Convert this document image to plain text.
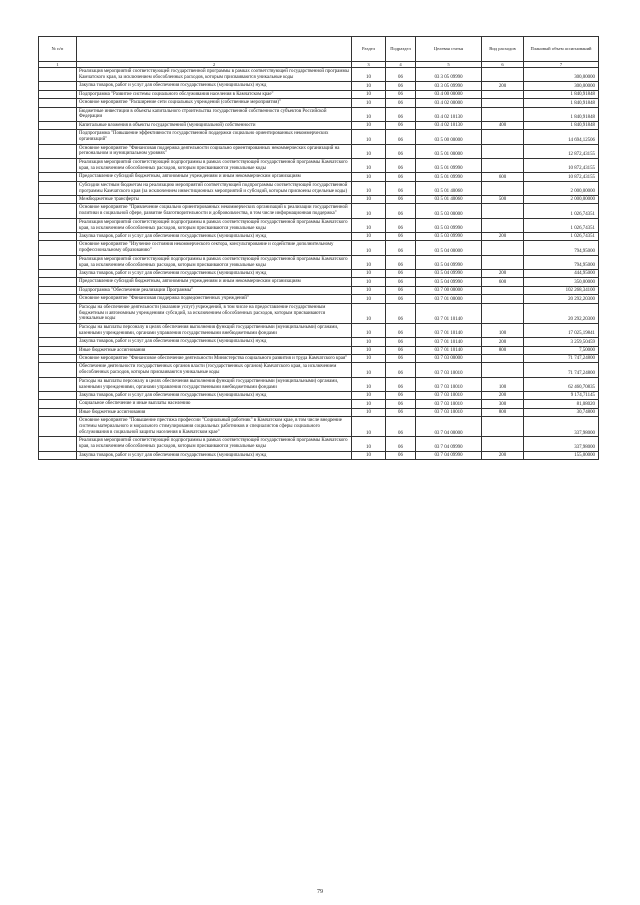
№ п/п		Раздел	Подраздел	Целевая статья	Вид расходов	Плановый объем ассигнований
1	2	3	4	5	6	7
	Реализация мероприятий соответствующей государственной программы в рамках соответствующей государственной программы Камчатского края, за исключением обособленных расходов, которым присваиваются уникальные коды	10	06	03 3 05 09990		300,00000
	Закупка товаров, работ и услуг для обеспечения государственных (муниципальных) нужд	10	06	03 3 05 09990	200	300,00000
	Подпрограмма "Развитие системы социального обслуживания населения в Камчатском крае"	10	06	03 4 00 00000		1 840,91848
	Основное мероприятие "Расширение сети социальных учреждений (собственные мероприятия)"	10	06	03 4 02 00000		1 840,91848
	Бюджетные инвестиции в объекты капитального строительства государственной собственности субъектов Российской Федерации	10	06	03 4 02 10130		1 840,91848
	Капитальные вложения в объекты государственной (муниципальной) собственности	10	06	03 4 02 10130	400	1 840,91848
	Подпрограмма "Повышение эффективности государственной поддержки социально ориентированных некоммерческих организаций"	10	06	03 5 00 00000		14 694,12506
	Основное мероприятие "Финансовая поддержка деятельности социально ориентированных некоммерческих организаций на региональном и муниципальном уровнях"	10	06	03 5 01 00000		12 872,43155
	Реализация мероприятий соответствующей подпрограммы в рамках соответствующей государственной программы Камчатского края, за исключением обособленных расходов, которым присваиваются уникальные коды	10	06	03 5 01 09990		10 872,43155
	Предоставление субсидий бюджетным, автономным учреждениям и иным некоммерческим организациям	10	06	03 5 01 09990	600	10 872,43155
	Субсидии местным бюджетам на реализацию мероприятий соответствующей подпрограммы соответствующей государственной программы Камчатского края (за исключением инвестиционных мероприятий и субсидий, которым присвоены отдельные коды)	10	06	03 5 01 40060		2 000,00000
	Межбюджетные трансферты	10	06	03 5 01 40060	500	2 000,00000
	Основное мероприятие "Привлечение социально ориентированных некоммерческих организаций к реализации государственной политики в социальной сфере, развитие благотворительности и добровольчества, в том числе информационная поддержка"	10	06	03 5 03 00000		1 026,74351
	Реализация мероприятий соответствующей подпрограммы в рамках соответствующей государственной программы Камчатского края, за исключением обособленных расходов, которым присваиваются уникальные коды	10	06	03 5 03 09990		1 026,74351
	Закупка товаров, работ и услуг для обеспечения государственных (муниципальных) нужд	10	06	03 5 03 09990	200	1 026,74351
	Основное мероприятие "Изучение состояния некоммерческого сектора, консультирование и содействие дополнительному профессиональному образованию"	10	06	03 5 04 00000		794,95000
	Реализация мероприятий соответствующей подпрограммы в рамках соответствующей государственной программы Камчатского края, за исключением обособленных расходов, которым присваиваются уникальные коды	10	06	03 5 04 09990		794,95000
	Закупка товаров, работ и услуг для обеспечения государственных (муниципальных) нужд	10	06	03 5 04 09990	200	444,95000
	Предоставление субсидий бюджетным, автономным учреждениям и иным некоммерческим организациям	10	06	03 5 04 09990	600	350,00000
	Подпрограмма "Обеспечение реализации Программы"	10	06	03 7 00 00000		102 268,34100
	Основное мероприятие "Финансовая поддержка подведомственных учреждений"	10	06	03 7 01 00000		20 292,20300
	Расходы на обеспечение деятельности (оказание услуг) учреждений, в том числе на предоставление государственным бюджетным и автономным учреждениям субсидий, за исключением обособленных расходов, которым присваиваются уникальные коды	10	06	03 7 01 10140		20 292,20300
	Расходы на выплаты персоналу в целях обеспечения выполнения функций государственными (муниципальными) органами, казенными учреждениями, органами управления государственными внебюджетными фондами	10	06	03 7 01 10140	100	17 025,19841
	Закупка товаров, работ и услуг для обеспечения государственных (муниципальных) нужд	10	06	03 7 01 10140	200	3 259,50459
	Иные бюджетные ассигнования	10	06	03 7 01 10140	800	7,50000
	Основное мероприятие "Финансовое обеспечение деятельности Министерства социального развития и труда Камчатского края"	10	06	03 7 03 00000		71 747,24800
	Обеспечение деятельности государственных органов власти (государственных органов) Камчатского края, за исключением обособленных расходов, которым присваиваются уникальные коды	10	06	03 7 03 10010		71 747,24800
	Расходы на выплаты персоналу в целях обеспечения выполнения функций государственными (муниципальными) органами, казенными учреждениями, органами управления государственными внебюджетными фондами	10	06	03 7 03 10010	100	62 460,70835
	Закупка товаров, работ и услуг для обеспечения государственных (муниципальных) нужд	10	06	03 7 03 10010	200	9 174,71145
	Социальное обеспечение и иные выплаты населению	10	06	03 7 03 10010	300	81,08020
	Иные бюджетные ассигнования	10	06	03 7 03 10010	800	30,74800
	Основное мероприятие "Повышение престижа профессии "Социальный работник" в Камчатском крае, в том числе внедрение системы материального и морального стимулирования социальных работников и специалистов сферы социального обслуживания в социальной защиты населения в Камчатском крае"	10	06	03 7 04 00000		337,98000
	Реализация мероприятий соответствующей подпрограммы в рамках соответствующей государственной программы Камчатского края, за исключением обособленных расходов, которым присваиваются уникальные коды	10	06	03 7 04 09990		337,98000
	Закупка товаров, работ и услуг для обеспечения государственных (муниципальных) нужд	10	06	03 7 04 09990	200	155,00000
79
